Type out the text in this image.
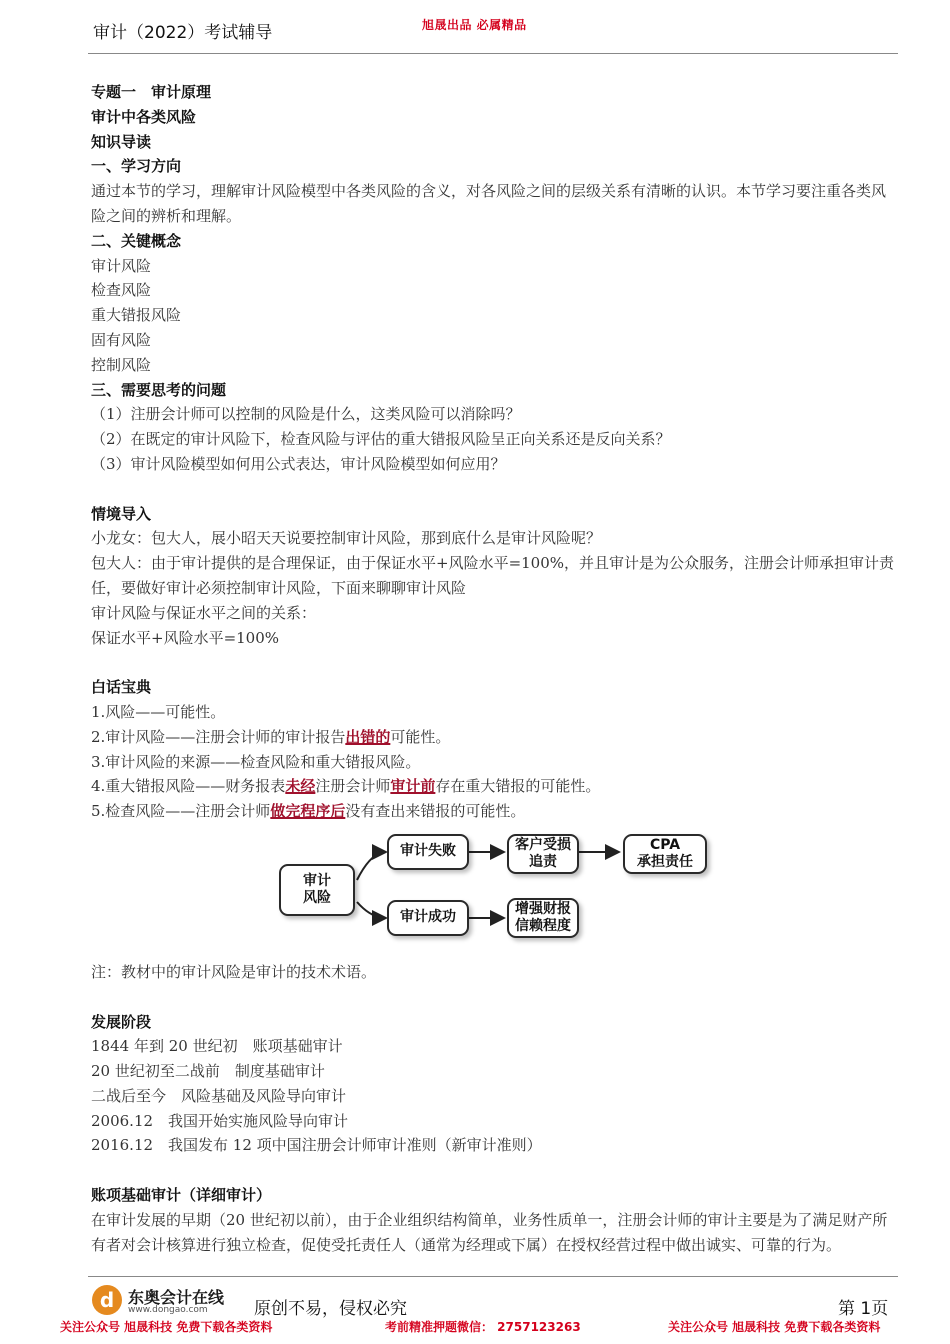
审计（2022）考试辅导	旭晟出品 必属精品

专题一　审计原理

审计中各类风险

知识导读

一、学习方向

通过本节的学习，理解审计风险模型中各类风险的含义，对各风险之间的层级关系有清晰的认识。本节学习要注重各类风险之间的辨析和理解。

二、关键概念

审计风险

检查风险

重大错报风险

固有风险

控制风险

三、需要思考的问题

（1）注册会计师可以控制的风险是什么，这类风险可以消除吗？

（2）在既定的审计风险下，检查风险与评估的重大错报风险呈正向关系还是反向关系？

（3）审计风险模型如何用公式表达，审计风险模型如何应用？

情境导入

小龙女：包大人，展小昭天天说要控制审计风险，那到底什么是审计风险呢？

包大人：由于审计提供的是合理保证，由于保证水平+风险水平=100%，并且审计是为公众服务，注册会计师承担审计责任，要做好审计必须控制审计风险，下面来聊聊审计风险

审计风险与保证水平之间的关系：

保证水平+风险水平=100%

白话宝典

1.风险——可能性。

2.审计风险——注册会计师的审计报告出错的可能性。

3.审计风险的来源——检查风险和重大错报风险。

4.重大错报风险——财务报表未经注册会计师审计前存在重大错报的可能性。

5.检查风险——注册会计师做完程序后没有查出来错报的可能性。

审计
风险
审计失败	客户受损
追责
CPA
承担责任
审计成功
增强财报
信赖程度

注：教材中的审计风险是审计的技术术语。

发展阶段

1844 年到 20 世纪初　账项基础审计

20 世纪初至二战前　制度基础审计

二战后至今　风险基础及风险导向审计

2006.12　我国开始实施风险导向审计

2016.12　我国发布 12 项中国注册会计师审计准则（新审计准则）

账项基础审计（详细审计）

在审计发展的早期（20 世纪初以前），由于企业组织结构简单，业务性质单一，注册会计师的审计主要是为了满足财产所有者对会计核算进行独立检查，促使受托责任人（通常为经理或下属）在授权经营过程中做出诚实、可靠的行为。

d 东奥会计在线
www.dongao.com	原创不易，侵权必究	第 1页
关注公众号 旭晟科技 免费下载各类资料	考前精准押题微信： 2757123263	关注公众号 旭晟科技 免费下载各类资料
